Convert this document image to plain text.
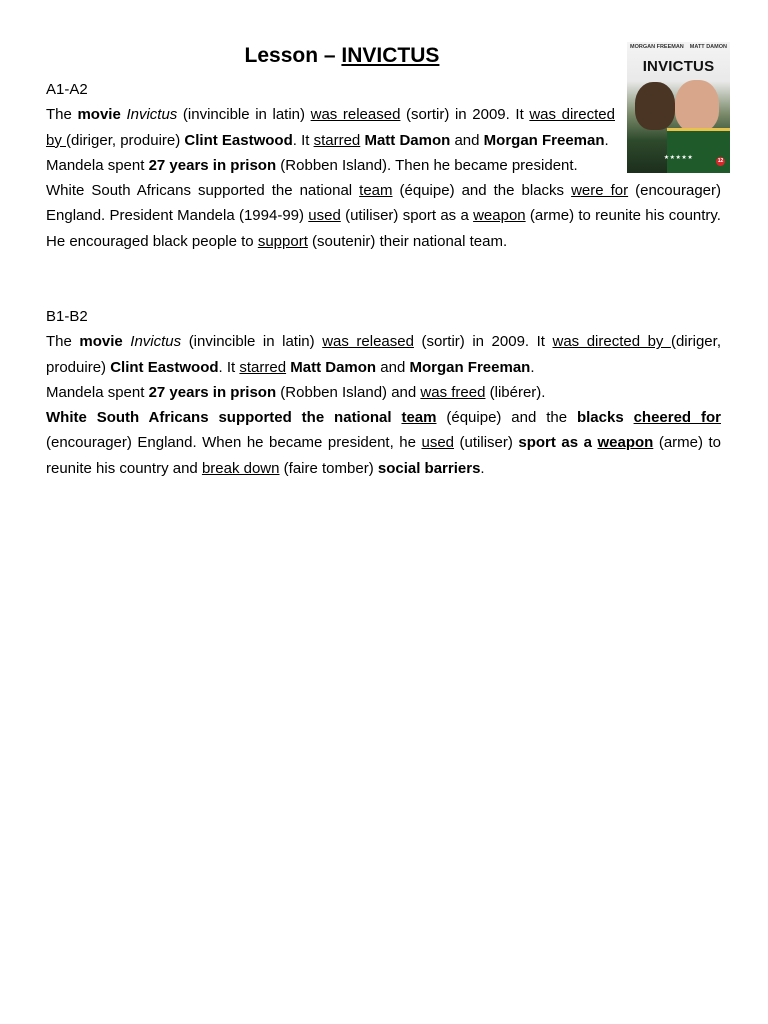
Lesson – INVICTUS	MORGAN FREEMAN MATT DAMON
INVICTUS
★★★★★	12

A1-A2

The movie Invictus (invincible in latin) was released (sortir) in 2009. It was directed by (diriger, produire) Clint Eastwood. It starred Matt Damon and Morgan Freeman.

Mandela spent 27 years in prison (Robben Island). Then he became president.

White South Africans supported the national team (équipe) and the blacks were for (encourager) England. President Mandela (1994-99) used (utiliser) sport as a weapon (arme) to reunite his country. He encouraged black people to support (soutenir) their national team.

B1-B2

The movie Invictus (invincible in latin) was released (sortir) in 2009. It was directed by (diriger, produire) Clint Eastwood. It starred Matt Damon and Morgan Freeman.

Mandela spent 27 years in prison (Robben Island) and was freed (libérer).

White South Africans supported the national team (équipe) and the blacks cheered for (encourager) England. When he became president, he used (utiliser) sport as a weapon (arme) to reunite his country and break down (faire tomber) social barriers.
